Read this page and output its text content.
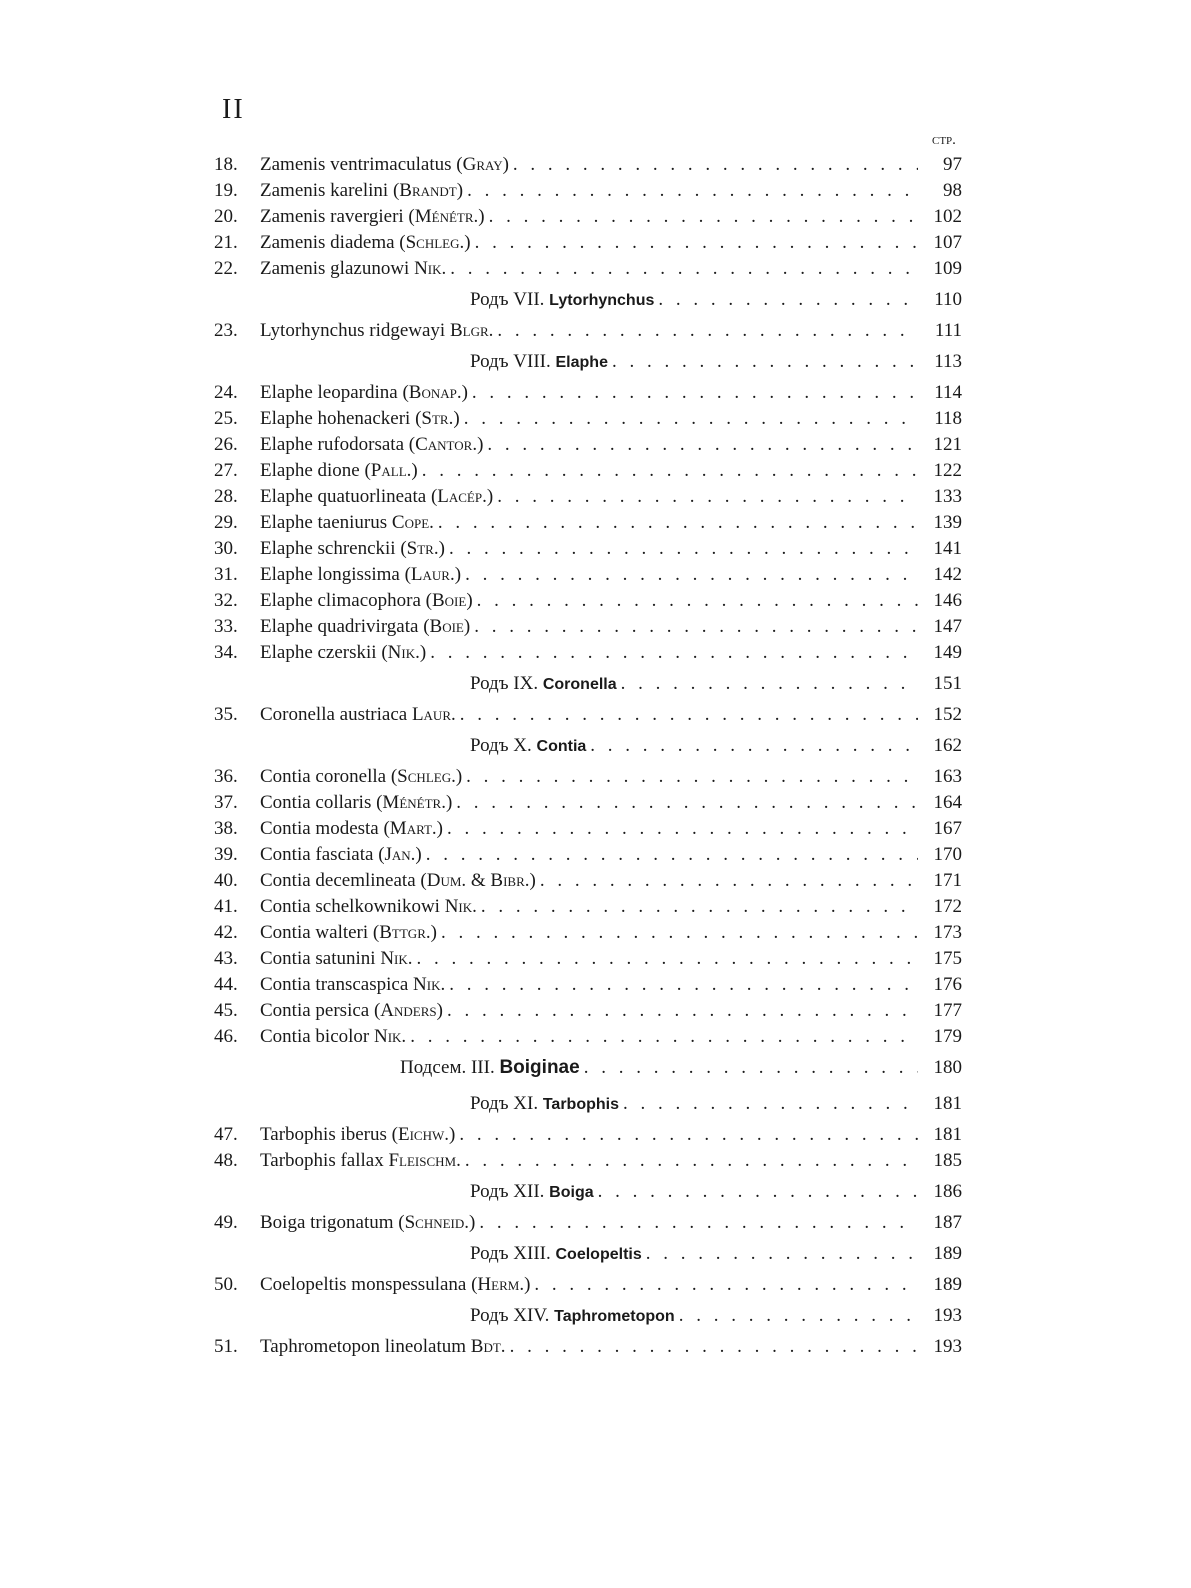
II
стр.
18.	Zamenis ventrimaculatus (Gray) . . .	97
19.	Zamenis karelini (Brandt) . . .	98
20.	Zamenis ravergieri (Ménétr.) . . .	102
21.	Zamenis diadema (Schleg.) . . .	107
22.	Zamenis glazunowi Nik. . . .	109
Родъ VII. Lytorhynchus . . .	110
23.	Lytorhynchus ridgewayi Blgr. . . .	111
Родъ VIII. Elaphe . . .	113
24.	Elaphe leopardina (Bonap.) . . .	114
25.	Elaphe hohenackeri (Str.) . . .	118
26.	Elaphe rufodorsata (Cantor.) . . .	121
27.	Elaphe dione (Pall.) . . .	122
28.	Elaphe quatuorlineata (Lacép.) . . .	133
29.	Elaphe taeniurus Cope. . . .	139
30.	Elaphe schrenckii (Str.) . . .	141
31.	Elaphe longissima (Laur.) . . .	142
32.	Elaphe climacophora (Boie) . . .	146
33.	Elaphe quadrivirgata (Boie) . . .	147
34.	Elaphe czerskii (Nik.) . . .	149
Родъ IX. Coronella . . .	151
35.	Coronella austriaca Laur. . . .	152
Родъ X. Contia . . .	162
36.	Contia coronella (Schleg.) . . .	163
37.	Contia collaris (Ménétr.) . . .	164
38.	Contia modesta (Mart.) . . .	167
39.	Contia fasciata (Jan.) . . .	170
40.	Contia decemlineata (Dum. & Bibr.) . . .	171
41.	Contia schelkownikowi Nik. . . .	172
42.	Contia walteri (Bttgr.) . . .	173
43.	Contia satunini Nik. . . .	175
44.	Contia transcaspica Nik. . . .	176
45.	Contia persica (Anders) . . .	177
46.	Contia bicolor Nik. . . .	179
Подсем. III. Boiginae . . .	180
Родъ XI. Tarbophis . . .	181
47.	Tarbophis iberus (Eichw.) . . .	181
48.	Tarbophis fallax Fleischm. . . .	185
Родъ XII. Boiga . . .	186
49.	Boiga trigonatum (Schneid.) . . .	187
Родъ XIII. Coelopeltis . . .	189
50.	Coelopeltis monspessulana (Herm.) . . .	189
Родъ XIV. Taphrometopon . . .	193
51.	Taphrometopon lineolatum Bdt. . . .	193
